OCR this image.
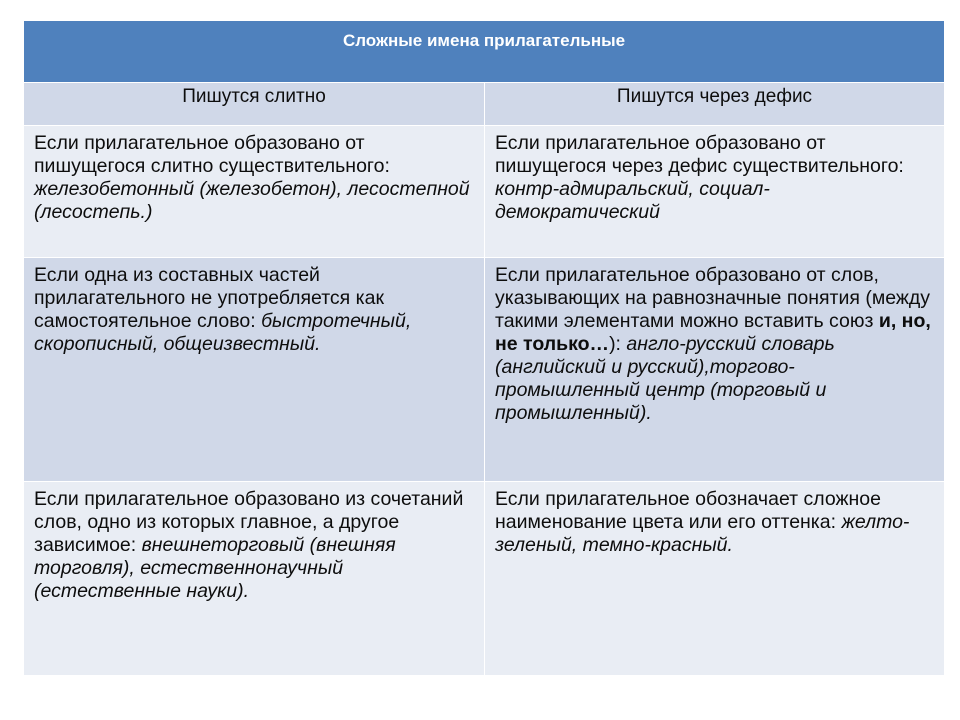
Сложные имена прилагательные	
Пишутся слитно	Пишутся через дефис
Если прилагательное образовано от пишущегося слитно существительного: железобетонный (железобетон), лесостепной (лесостепь.)	Если прилагательное образовано от пишущегося через дефис существительного: контр-адмиральский, социал-демократический
Если одна из составных частей прилагательного не употребляется как самостоятельное слово: быстротечный, скорописный, общеизвестный.	Если прилагательное образовано от слов, указывающих на равнозначные понятия (между такими элементами можно вставить союз и, но, не только…): англо-русский словарь (английский и русский),торгово-промышленный центр (торговый и промышленный).
Если прилагательное образовано из сочетаний слов, одно из которых главное, а другое зависимое: внешнеторговый (внешняя торговля), естественнонаучный (естественные науки).	Если прилагательное обозначает сложное наименование цвета или его оттенка: желто-зеленый, темно-красный.
